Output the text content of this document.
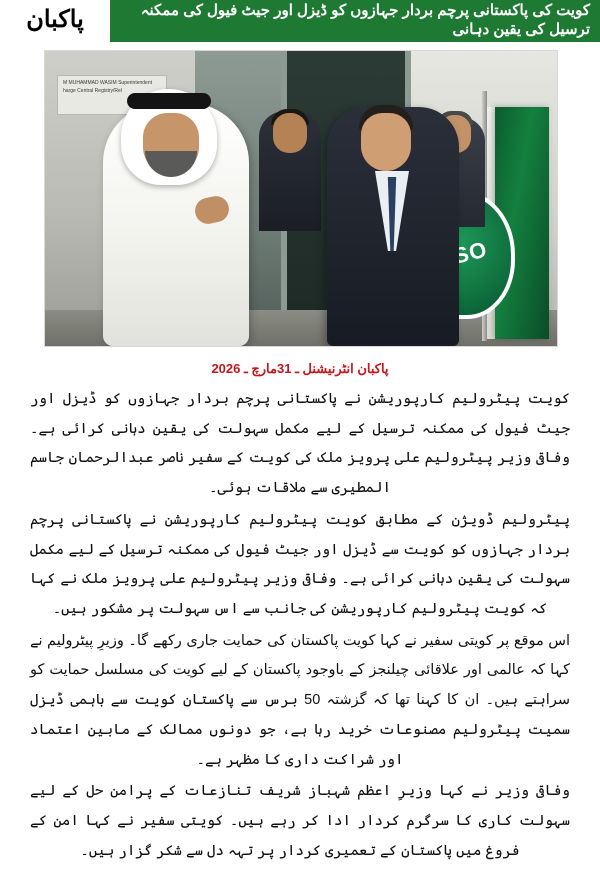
پاکبان	کویت کی پاکستانی پرچم بردار جہازوں کو ڈیزل اور جیٹ فیول کی ممکنہ ترسیل کی یقین دہانی
M MUHAMMAD WASIM Superintendent harge Central Registry/Rel
PSO
پاکبان انٹرنیشنل ـ 31مارچ ـ 2026

کویت پیٹرولیم کارپوریشن نے پاکستانی پرچم بردار جہازوں کو ڈیزل اور جیٹ فیول کی ممکنہ ترسیل کے لیے مکمل سہولت کی یقین دہانی کرائی ہے۔ وفاقی وزیر پیٹرولیم علی پرویز ملک کی کویت کے سفیر ناصر عبدالرحمان جاسم المطیری سے ملاقات ہوئی۔

پیٹرولیم ڈویژن کے مطابق کویت پیٹرولیم کارپوریشن نے پاکستانی پرچم بردار جہازوں کو کویت سے ڈیزل اور جیٹ فیول کی ممکنہ ترسیل کے لیے مکمل سہولت کی یقین دہانی کرائی ہے۔ وفاقی وزیر پیٹرولیم علی پرویز ملک نے کہا کہ کویت پیٹرولیم کارپوریشن کی جانب سے اس سہولت پر مشکور ہیں۔

اس موقع پر کویتی سفیر نے کہا کویت پاکستان کی حمایت جاری رکھے گا۔ وزیرِ پیٹرولیم نے کہا کہ عالمی اور علاقائی چیلنجز کے باوجود پاکستان کے لیے کویت کی مسلسل حمایت کو سراہتے ہیں۔ ان کا کہنا تھا کہ گزشتہ 50 برس سے پاکستان کویت سے باہمی ڈیزل سمیت پیٹرولیم مصنوعات خرید رہا ہے، جو دونوں ممالک کے مابین اعتماد اور شراکت داری کا مظہر ہے۔

وفاقی وزیر نے کہا وزیرِ اعظم شہباز شریف تنازعات کے پرامن حل کے لیے سہولت کاری کا سرگرم کردار ادا کر رہے ہیں۔ کویتی سفیر نے کہا امن کے فروغ میں پاکستان کے تعمیری کردار پر تہہ دل سے شکر گزار ہیں۔
